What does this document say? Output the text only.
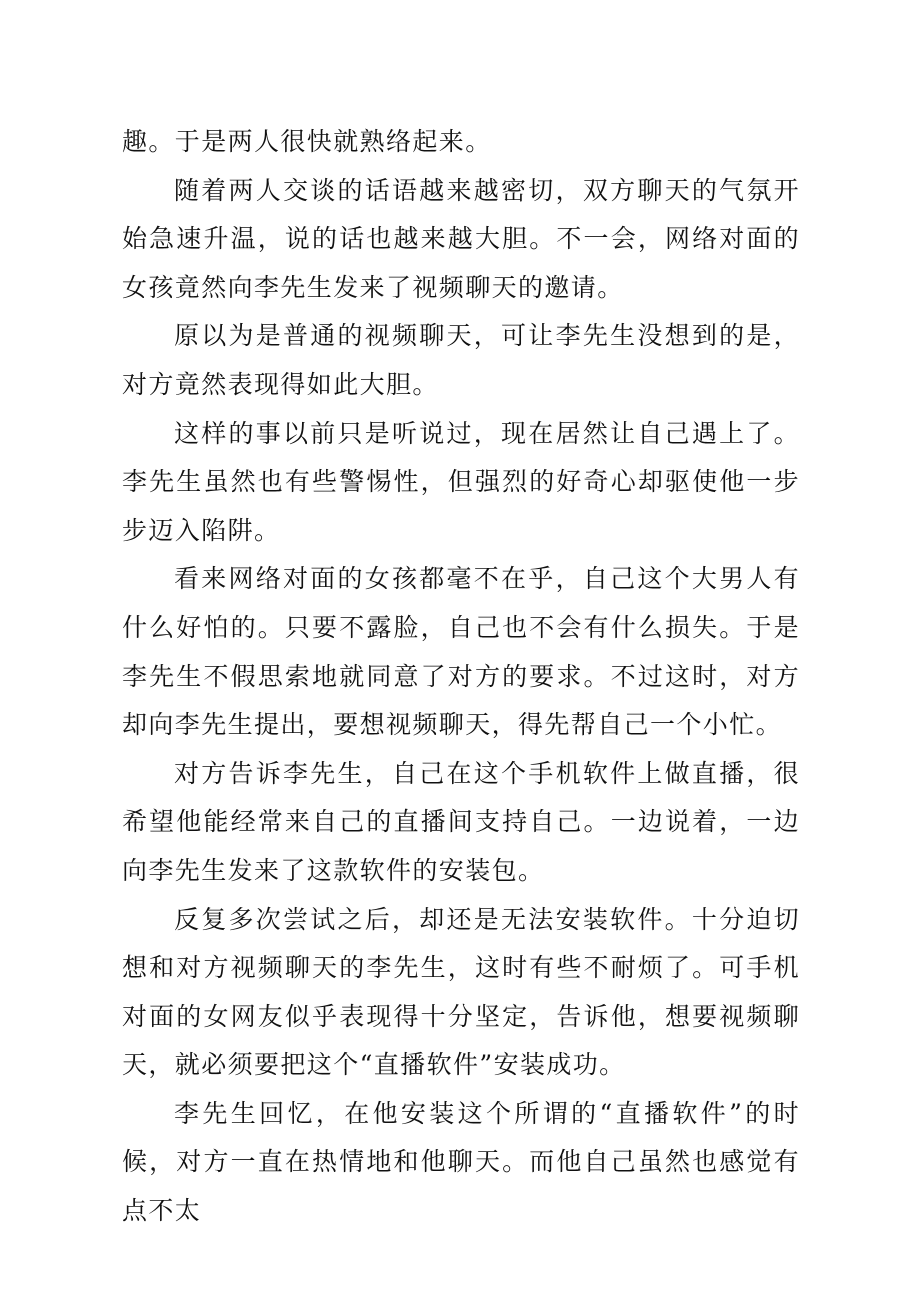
趣。于是两人很快就熟络起来。

随着两人交谈的话语越来越密切，双方聊天的气氛开始急速升温，说的话也越来越大胆。不一会，网络对面的女孩竟然向李先生发来了视频聊天的邀请。

原以为是普通的视频聊天，可让李先生没想到的是，对方竟然表现得如此大胆。

这样的事以前只是听说过，现在居然让自己遇上了。李先生虽然也有些警惕性，但强烈的好奇心却驱使他一步步迈入陷阱。

看来网络对面的女孩都毫不在乎，自己这个大男人有什么好怕的。只要不露脸，自己也不会有什么损失。于是李先生不假思索地就同意了对方的要求。不过这时，对方却向李先生提出，要想视频聊天，得先帮自己一个小忙。

对方告诉李先生，自己在这个手机软件上做直播，很希望他能经常来自己的直播间支持自己。一边说着，一边向李先生发来了这款软件的安装包。

反复多次尝试之后，却还是无法安装软件。十分迫切想和对方视频聊天的李先生，这时有些不耐烦了。可手机对面的女网友似乎表现得十分坚定，告诉他，想要视频聊天，就必须要把这个“直播软件”安装成功。

李先生回忆，在他安装这个所谓的“直播软件”的时候，对方一直在热情地和他聊天。而他自己虽然也感觉有点不太
